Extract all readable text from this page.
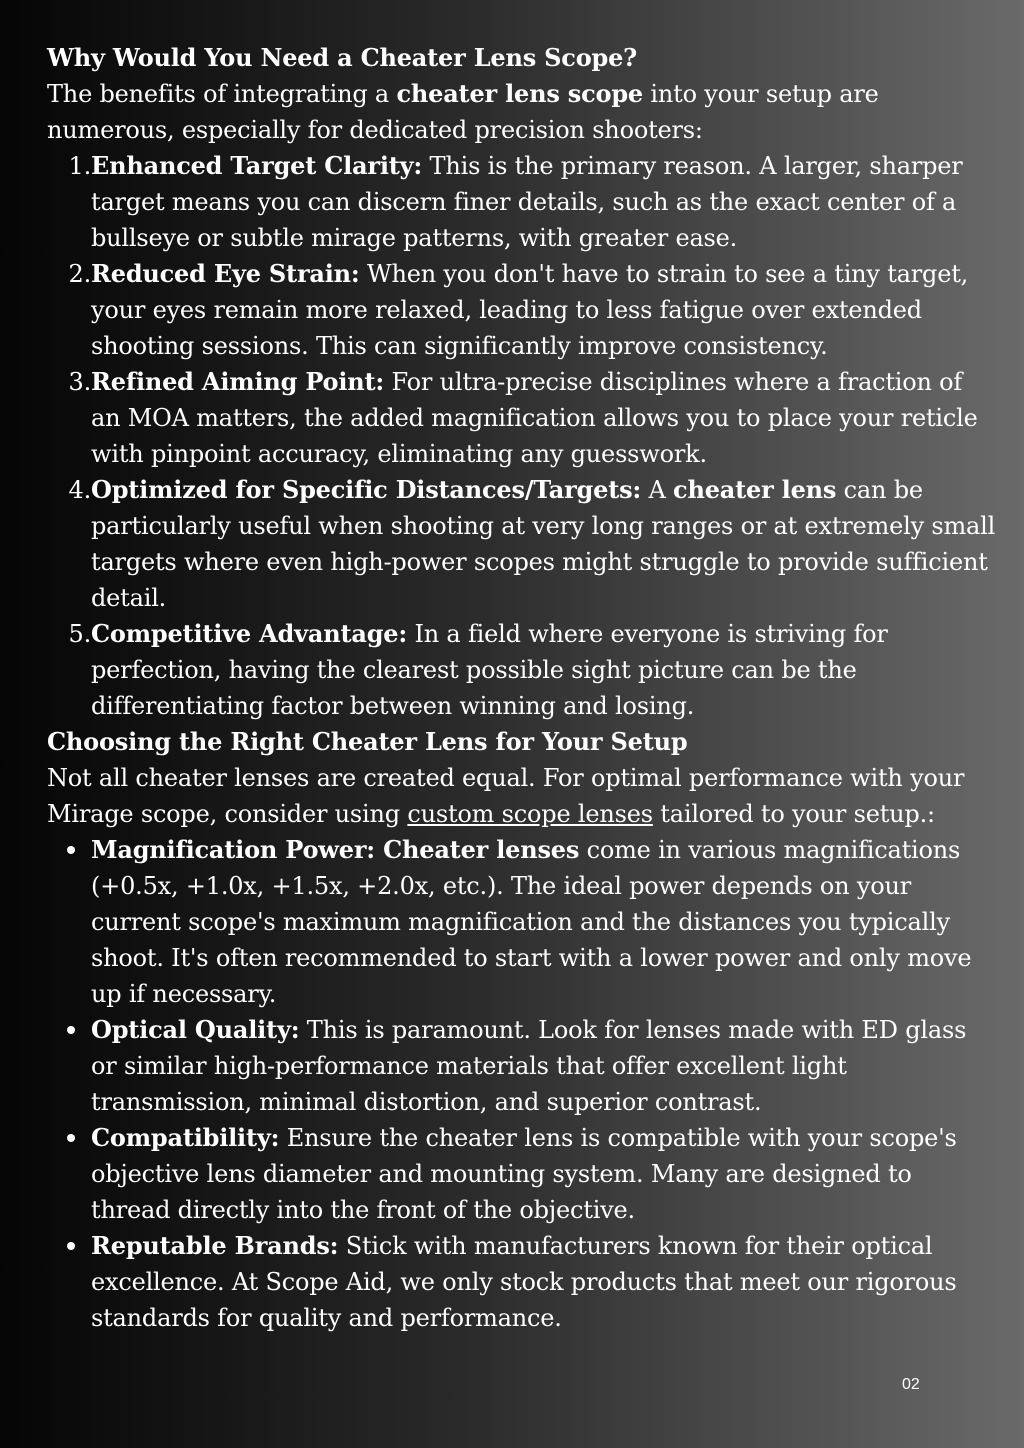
Why Would You Need a Cheater Lens Scope?

The benefits of integrating a cheater lens scope into your setup are numerous, especially for dedicated precision shooters:

1. Enhanced Target Clarity: This is the primary reason. A larger, sharper target means you can discern finer details, such as the exact center of a bullseye or subtle mirage patterns, with greater ease.
2. Reduced Eye Strain: When you don't have to strain to see a tiny target, your eyes remain more relaxed, leading to less fatigue over extended shooting sessions. This can significantly improve consistency.
3. Refined Aiming Point: For ultra-precise disciplines where a fraction of an MOA matters, the added magnification allows you to place your reticle with pinpoint accuracy, eliminating any guesswork.
4. Optimized for Specific Distances/Targets: A cheater lens can be particularly useful when shooting at very long ranges or at extremely small targets where even high-power scopes might struggle to provide sufficient detail.
5. Competitive Advantage: In a field where everyone is striving for perfection, having the clearest possible sight picture can be the differentiating factor between winning and losing.
Choosing the Right Cheater Lens for Your Setup

Not all cheater lenses are created equal. For optimal performance with your Mirage scope, consider using custom scope lenses tailored to your setup.:

Magnification Power: Cheater lenses come in various magnifications (+0.5x, +1.0x, +1.5x, +2.0x, etc.). The ideal power depends on your current scope's maximum magnification and the distances you typically shoot. It's often recommended to start with a lower power and only move up if necessary.
Optical Quality: This is paramount. Look for lenses made with ED glass or similar high-performance materials that offer excellent light transmission, minimal distortion, and superior contrast.
Compatibility: Ensure the cheater lens is compatible with your scope's objective lens diameter and mounting system. Many are designed to thread directly into the front of the objective.
Reputable Brands: Stick with manufacturers known for their optical excellence. At Scope Aid, we only stock products that meet our rigorous standards for quality and performance.
02
